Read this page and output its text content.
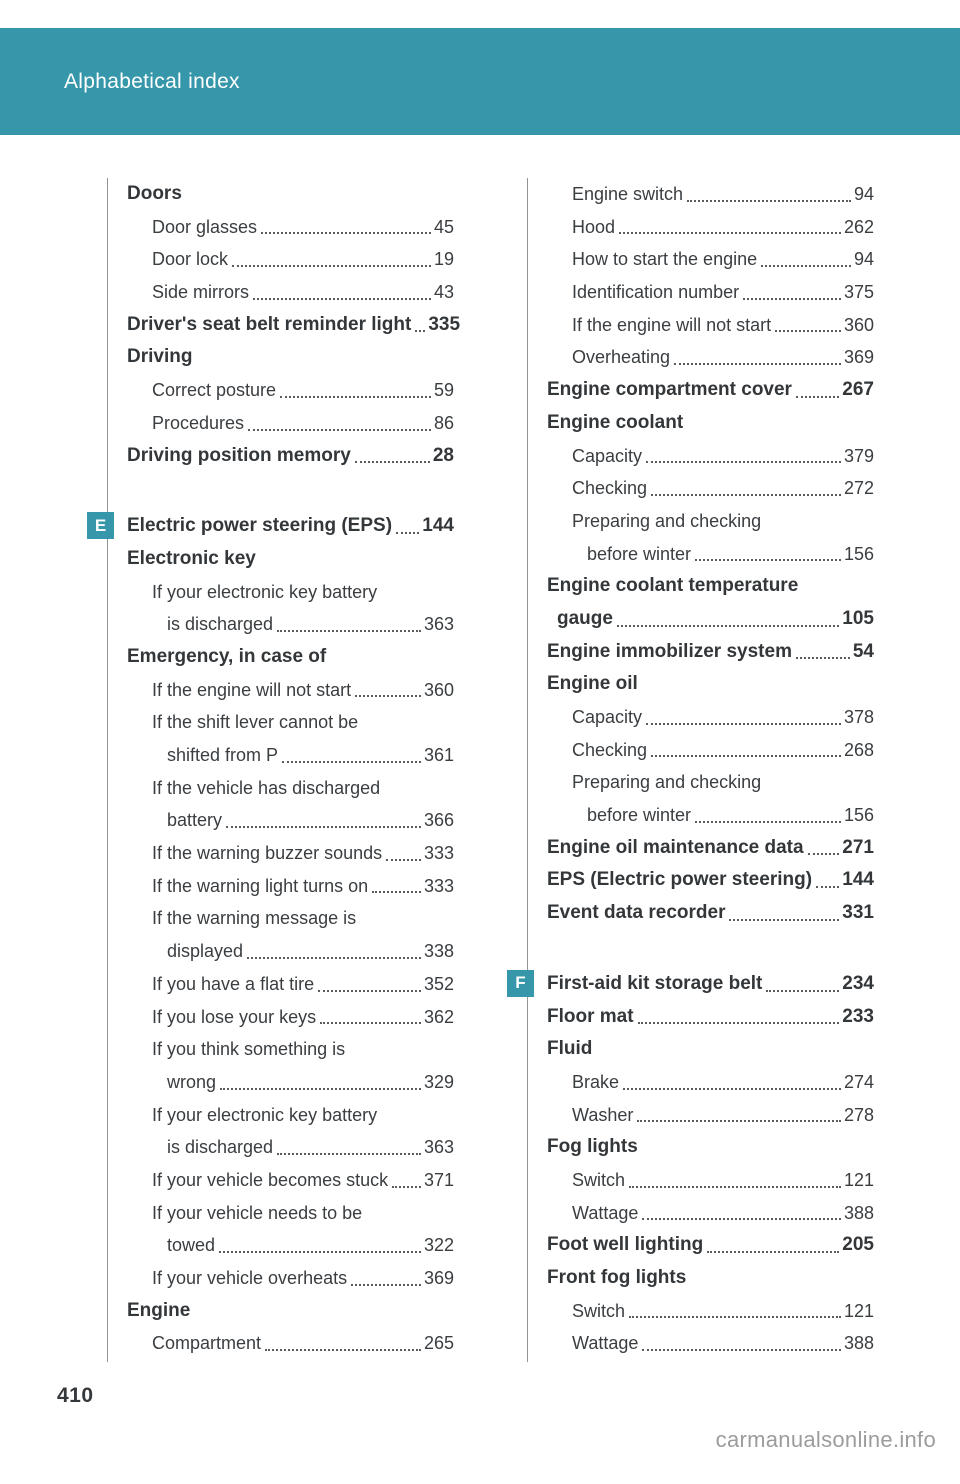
Alphabetical index
Doors
Door glasses	45
Door lock	19
Side mirrors	43
Driver's seat belt reminder light 335
Driving
Correct posture	59
Procedures	86
Driving position memory	28
E	Electric power steering (EPS) 144
Electronic key
If your electronic key battery
is discharged	363
Emergency, in case of
If the engine will not start	360
If the shift lever cannot be
shifted from P	361
If the vehicle has discharged
battery	366
If the warning buzzer sounds 333
If the warning light turns on	333
If the warning message is
displayed	338
If you have a flat tire	352
If you lose your keys	362
If you think something is
wrong	329
If your electronic key battery
is discharged	363
If your vehicle becomes stuck 371
If your vehicle needs to be
towed	322
If your vehicle overheats	369
Engine
Compartment	265
Engine switch	94
Hood	262
How to start the engine	94
Identification number	375
If the engine will not start	360
Overheating	369
Engine compartment cover	267
Engine coolant
Capacity	379
Checking	272
Preparing and checking
before winter	156
Engine coolant temperature
gauge	105
Engine immobilizer system	54
Engine oil
Capacity	378
Checking	268
Preparing and checking
before winter	156
Engine oil maintenance data 271
EPS (Electric power steering) 144
Event data recorder	331
F	First-aid kit storage belt	234
Floor mat	233
Fluid
Brake	274
Washer	278
Fog lights
Switch	121
Wattage	388
Foot well lighting	205
Front fog lights
Switch	121
Wattage	388
410
carmanualsonline.info
